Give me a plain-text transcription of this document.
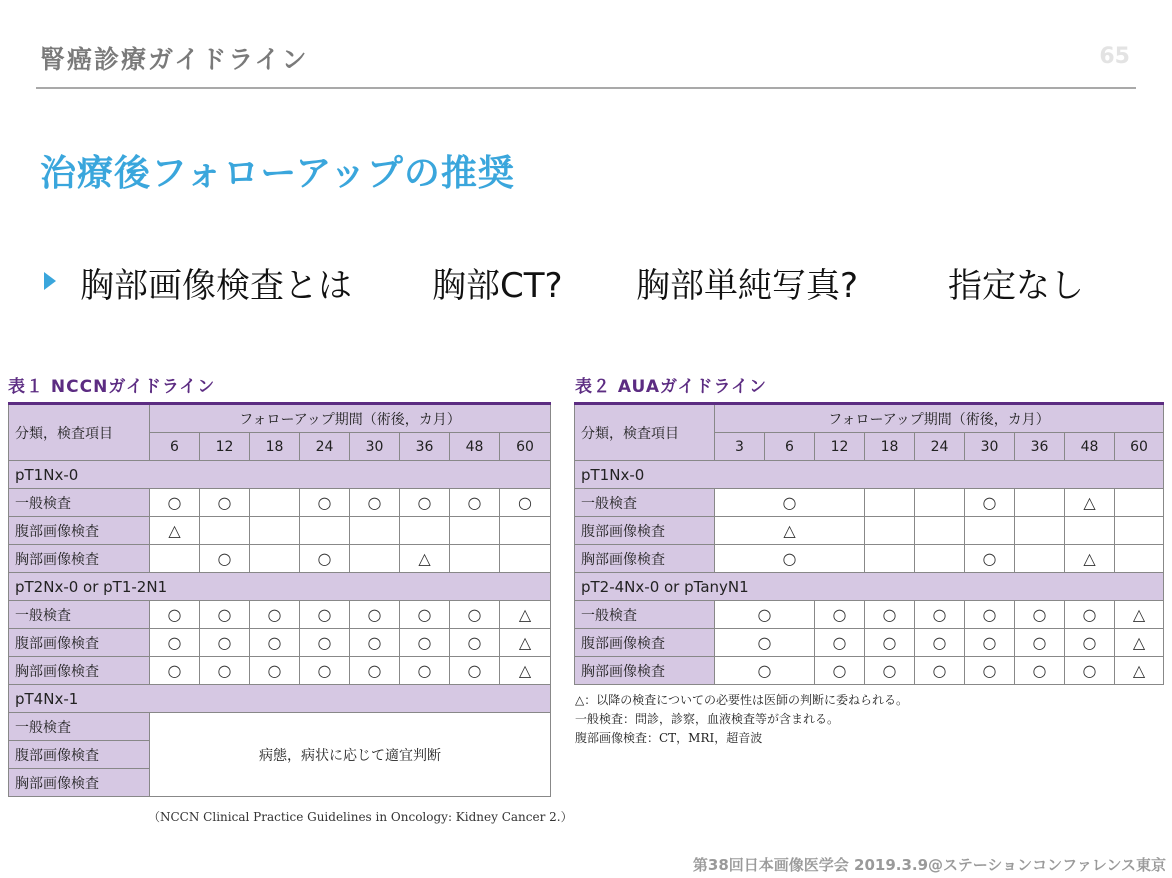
腎癌診療ガイドライン	65
治療後フォローアップの推奨
胸部画像検査とは 胸部CT? 胸部単純写真?	指定なし
表１ NCCNガイドライン
分類，検査項目	フォローアップ期間（術後，カ月）							
	6	12	18	24	30	36	48	60
pT1Nx-0								
一般検査	○	○		○	○	○	○	○
腹部画像検査	△							
胸部画像検査		○		○		△		
pT2Nx-0 or pT1-2N1								
一般検査	○	○	○	○	○	○	○	△
腹部画像検査	○	○	○	○	○	○	○	△
胸部画像検査	○	○	○	○	○	○	○	△
pT4Nx-1								
一般検査	病態，病状に応じて適宜判断							
腹部画像検査								
胸部画像検査								
（NCCN Clinical Practice Guidelines in Oncology: Kidney Cancer 2.）
表２ AUAガイドライン
分類，検査項目	フォローアップ期間（術後，カ月）									
	3	6	12	18	24	30	36	48	60	
pT1Nx-0										
一般検査	○					○		△		
腹部画像検査	△									
胸部画像検査	○					○		△		
pT2-4Nx-0 or pTanyN1										
一般検査	○		○	○	○	○	○	○	△	
腹部画像検査	○		○	○	○	○	○	○	△	
胸部画像検査	○		○	○	○	○	○	○	△	
△：以降の検査についての必要性は医師の判断に委ねられる。
一般検査：問診，診察，血液検査等が含まれる。
腹部画像検査：CT，MRI，超音波
第38回日本画像医学会 2019.3.9@ステーションコンファレンス東京
